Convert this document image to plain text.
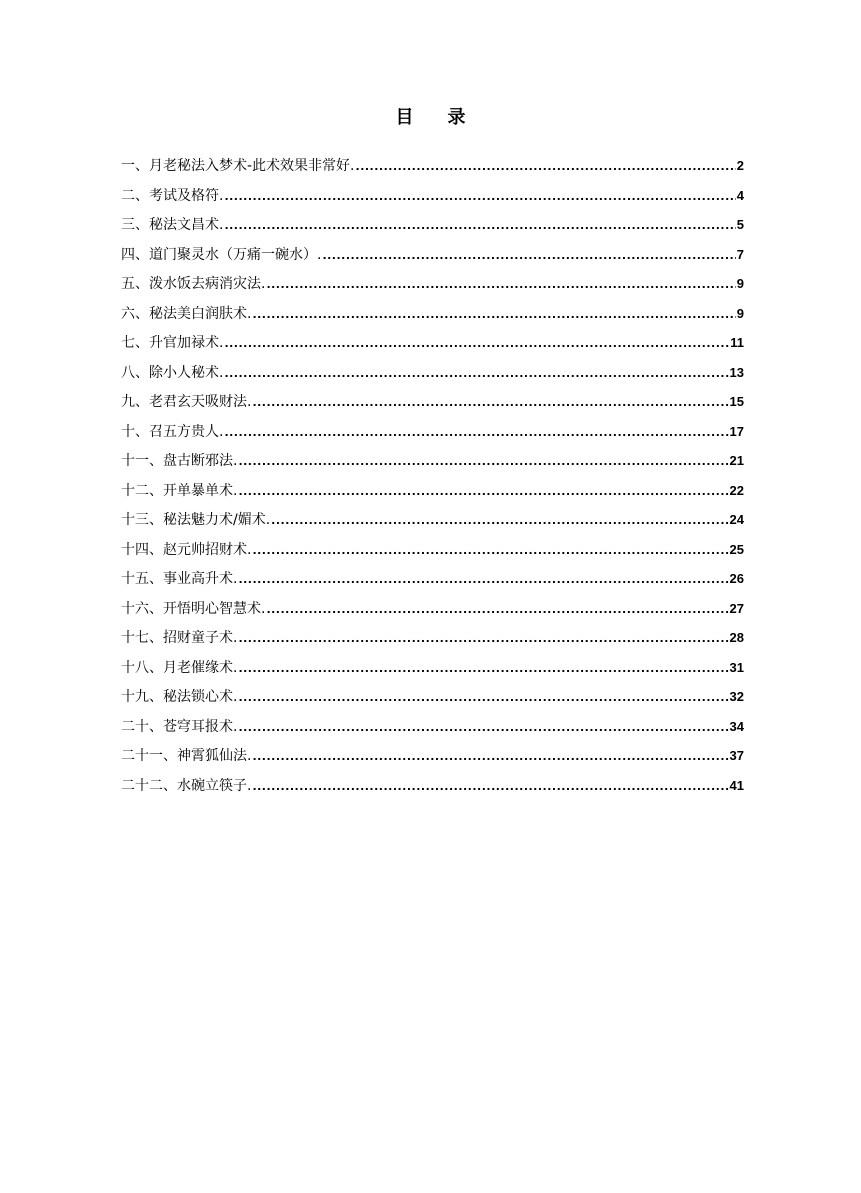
目 录
一、月老秘法入梦术-此术效果非常好. .....	2
二、考试及格符. .....	4
三、秘法文昌术. .....	5
四、道门聚灵水（万痛一碗水）. .....	7
五、泼水饭去病消灾法. .....	9
六、秘法美白润肤术. .....	9
七、升官加禄术. .....	11
八、除小人秘术. .....	13
九、老君玄天吸财法. .....	15
十、召五方贵人. .....	17
十一、盘古断邪法. .....	21
十二、开单暴单术. .....	22
十三、秘法魅力术/媚术. .....	24
十四、赵元帅招财术. .....	25
十五、事业高升术. .....	26
十六、开悟明心智慧术. .....	27
十七、招财童子术. .....	28
十八、月老催缘术. .....	31
十九、秘法锁心术. .....	32
二十、苍穹耳报术. .....	34
二十一、神霄狐仙法. .....	37
二十二、水碗立筷子. .....	41
